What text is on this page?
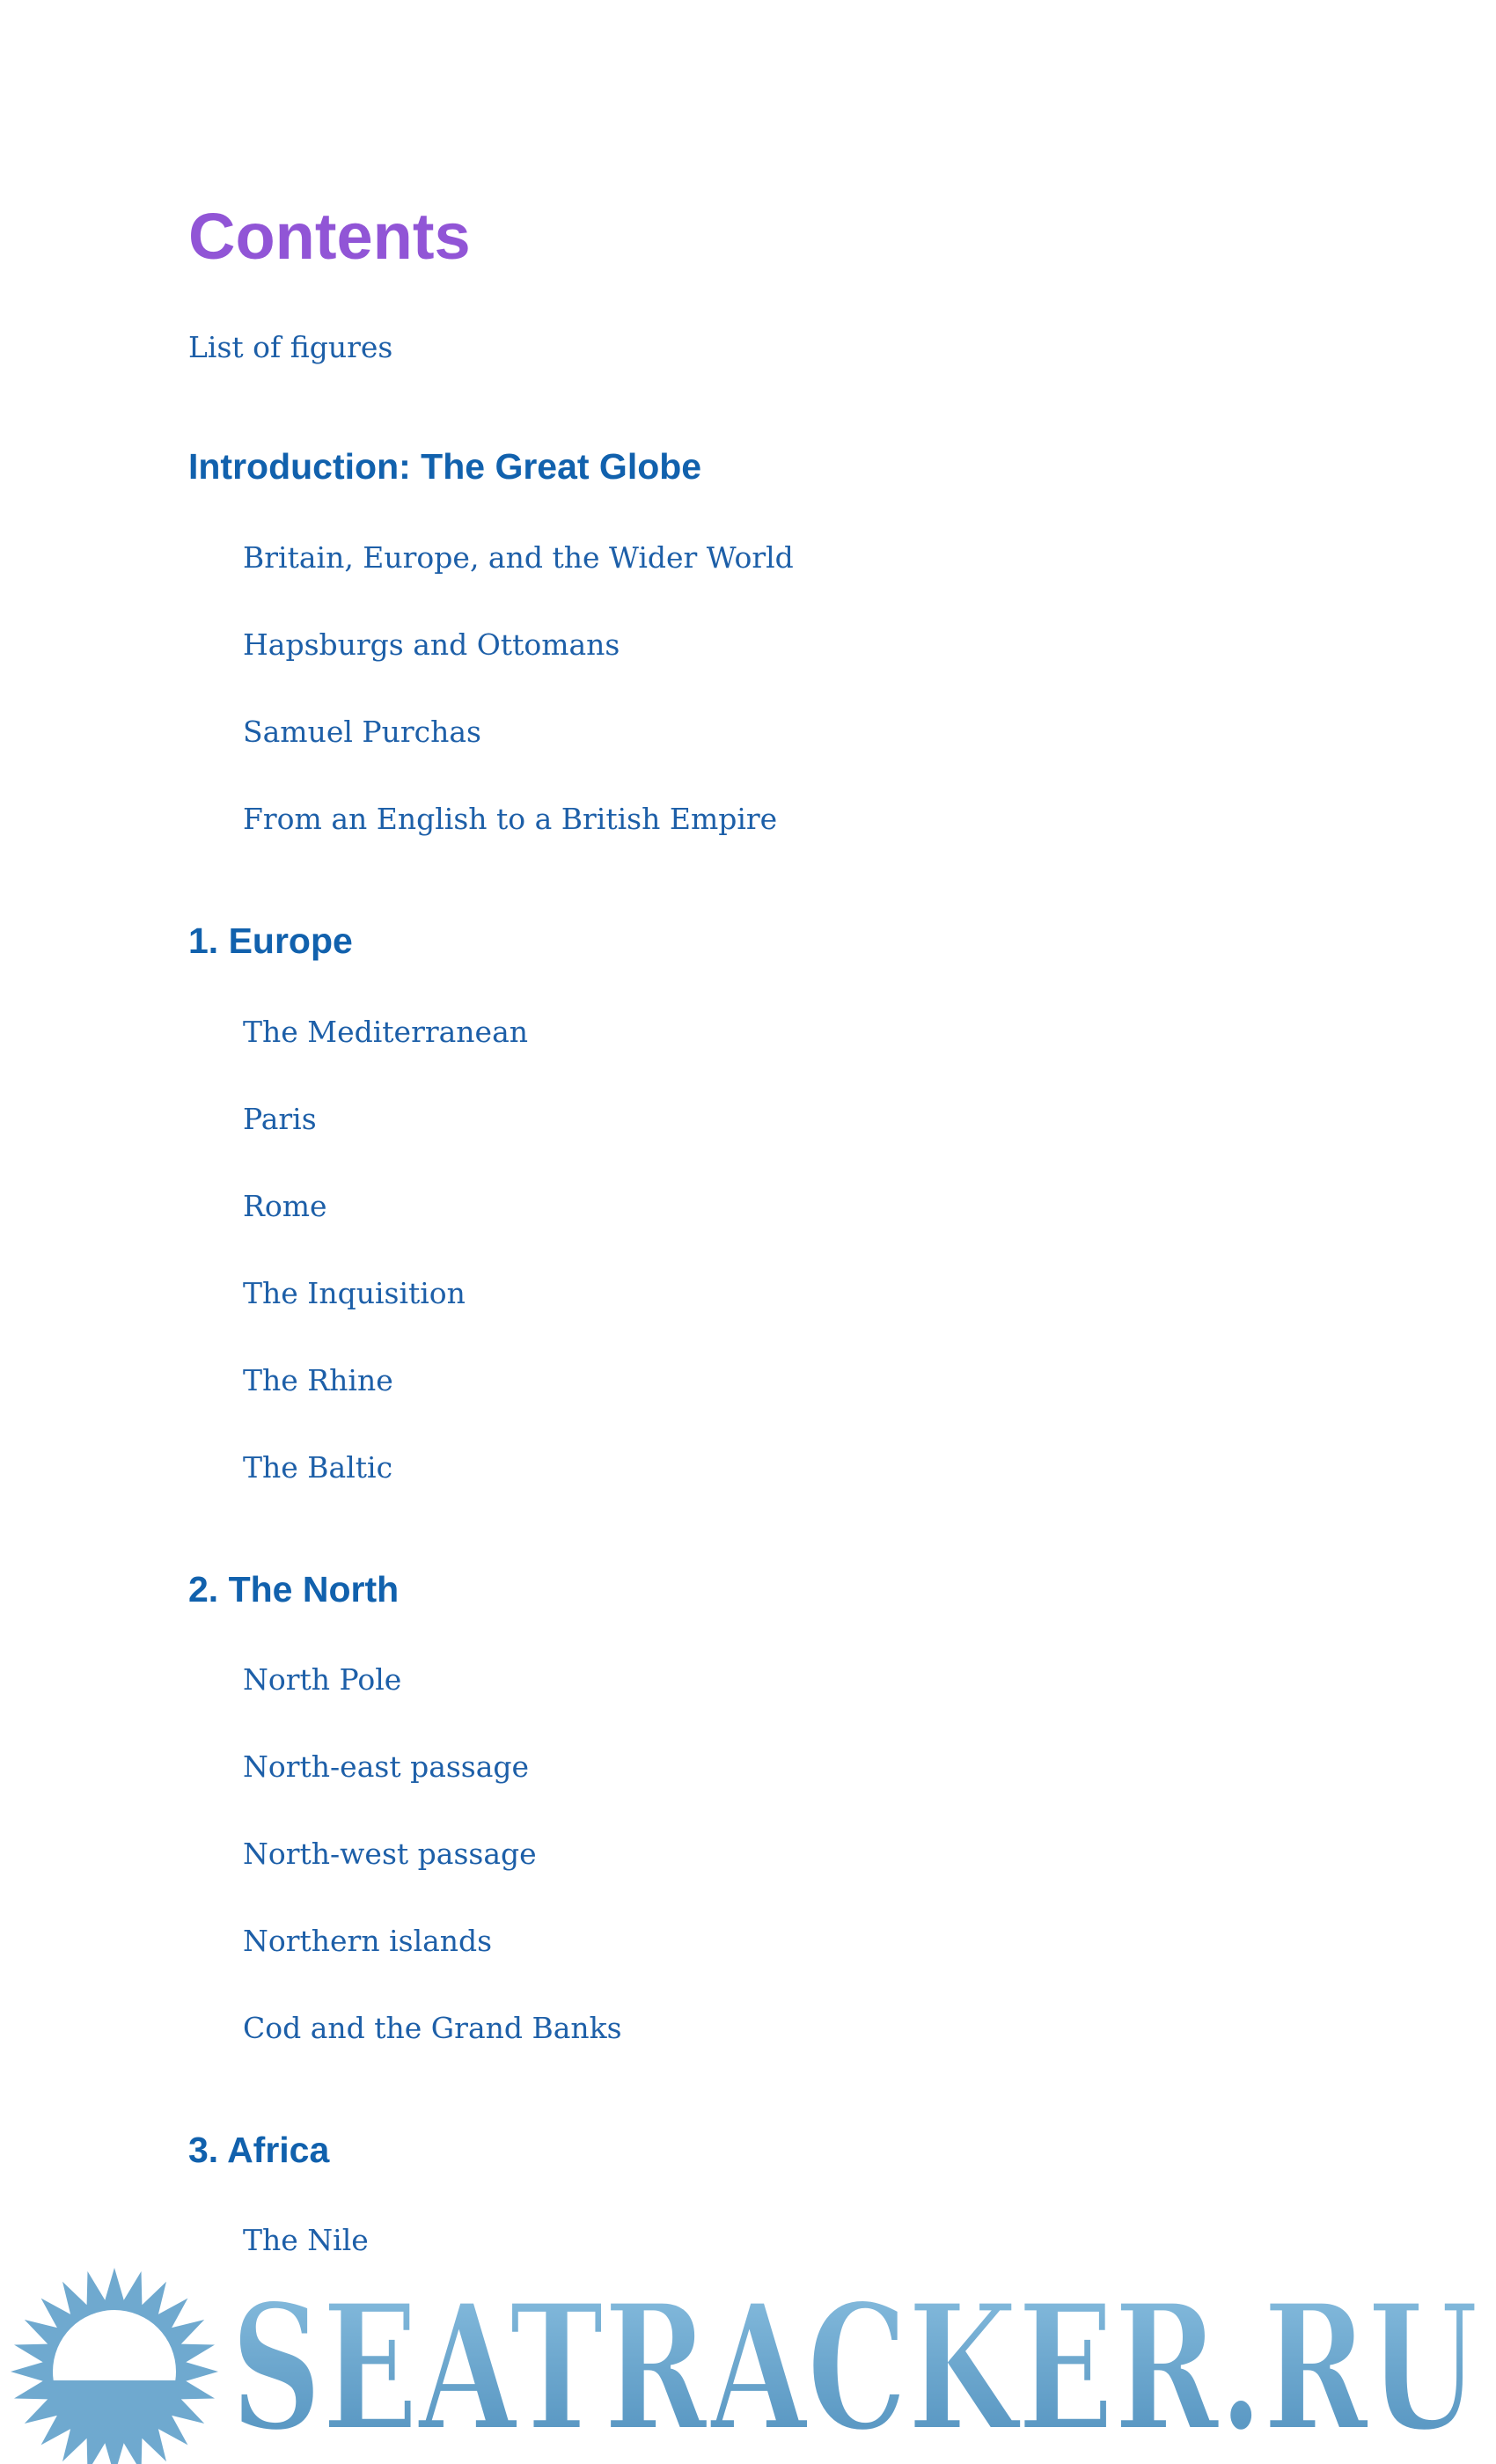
Contents
List of figures
Introduction: The Great Globe
Britain, Europe, and the Wider World
Hapsburgs and Ottomans
Samuel Purchas
From an English to a British Empire
1. Europe
The Mediterranean
Paris
Rome
The Inquisition
The Rhine
The Baltic
2. The North
North Pole
North-east passage
North-west passage
Northern islands
Cod and the Grand Banks
3. Africa
The Nile
SEATRACKER.RU
